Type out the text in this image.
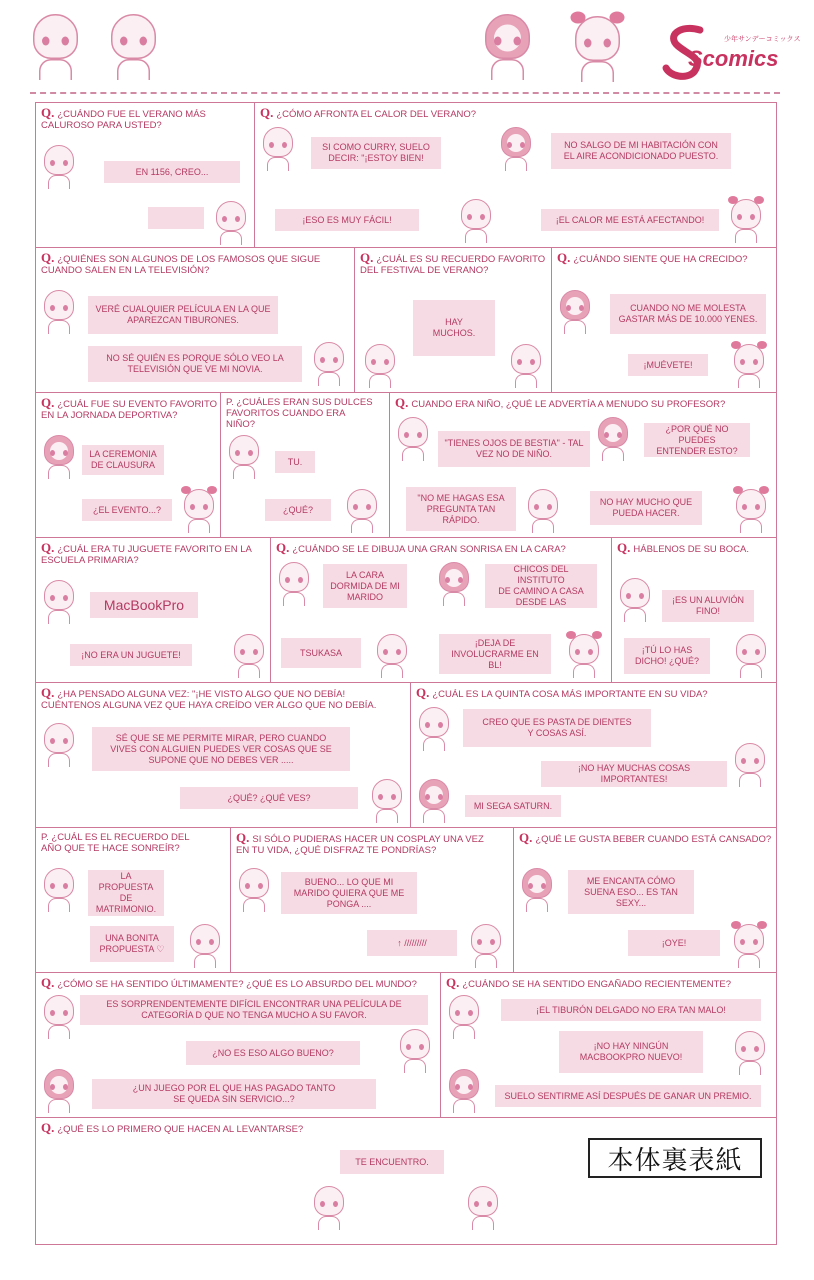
少年サンデーコミックス
Scomics
Q. ¿CUÁNDO FUE EL VERANO MÁS
CALUROSO PARA USTED?
EN 1156, CREO...
Q. ¿CÓMO AFRONTA EL CALOR DEL VERANO?
SI COMO CURRY, SUELO
DECIR: "¡ESTOY BIEN!
NO SALGO DE MI HABITACIÓN CON
EL AIRE ACONDICIONADO PUESTO.
¡ESO ES MUY FÁCIL!	¡EL CALOR ME ESTÁ AFECTANDO!
Q. ¿QUIÉNES SON ALGUNOS DE LOS FAMOSOS QUE SIGUE
CUANDO SALEN EN LA TELEVISIÓN?
VERÉ CUALQUIER PELÍCULA EN LA QUE
APAREZCAN TIBURONES.
NO SÉ QUIÉN ES PORQUE SÓLO VEO LA
TELEVISIÓN QUE VE MI NOVIA.
Q. ¿CUÁL ES SU RECUERDO FAVORITO
DEL FESTIVAL DE VERANO?
HAY
MUCHOS.
Q. ¿CUÁNDO SIENTE QUE HA CRECIDO?
CUANDO NO ME MOLESTA
GASTAR MÁS DE 10.000 YENES.
¡MUÉVETE!
Q. ¿CUÁL FUE SU EVENTO FAVORITO
EN LA JORNADA DEPORTIVA?
LA CEREMONIA
DE CLAUSURA
¿EL EVENTO...?
P. ¿CUÁLES ERAN SUS DULCES
FAVORITOS CUANDO ERA
NIÑO?
TU.
¿QUÉ?
Q. CUANDO ERA NIÑO, ¿QUÉ LE ADVERTÍA A MENUDO SU PROFESOR?
"TIENES OJOS DE BESTIA" - TAL
VEZ NO DE NIÑO.
¿POR QUÉ NO PUEDES
ENTENDER ESTO?
"NO ME HAGAS ESA
PREGUNTA TAN
RÁPIDO.
NO HAY MUCHO QUE
PUEDA HACER.
Q. ¿CUÁL ERA TU JUGUETE FAVORITO EN LA
ESCUELA PRIMARIA?
MacBookPro
¡NO ERA UN JUGUETE!
Q. ¿CUÁNDO SE LE DIBUJA UNA GRAN SONRISA EN LA CARA?
LA CARA
DORMIDA DE MI
MARIDO
CHICOS DEL INSTITUTO
DE CAMINO A CASA
DESDE LAS
TSUKASA
¡DEJA DE
INVOLUCRARME EN BL!
Q. HÁBLENOS DE SU BOCA.
¡ES UN ALUVIÓN
FINO!
¡TÚ LO HAS
DICHO! ¿QUÉ?
Q. ¿HA PENSADO ALGUNA VEZ: "¡HE VISTO ALGO QUE NO DEBÍA!
CUÉNTENOS ALGUNA VEZ QUE HAYA CREÍDO VER ALGO QUE NO DEBÍA.
SÉ QUE SE ME PERMITE MIRAR, PERO CUANDO
VIVES CON ALGUIEN PUEDES VER COSAS QUE SE
SUPONE QUE NO DEBES VER .....
¿QUÉ? ¿QUÉ VES?
Q. ¿CUÁL ES LA QUINTA COSA MÁS IMPORTANTE EN SU VIDA?
CREO QUE ES PASTA DE DIENTES
Y COSAS ASÍ.
¡NO HAY MUCHAS COSAS
IMPORTANTES!
MI SEGA SATURN.
P. ¿CUÁL ES EL RECUERDO DEL
AÑO QUE TE HACE SONREÍR?
LA
PROPUESTA DE
MATRIMONIO.
UNA BONITA
PROPUESTA ♡
Q. SI SÓLO PUDIERAS HACER UN COSPLAY UNA VEZ
EN TU VIDA, ¿QUÉ DISFRAZ TE PONDRÍAS?
BUENO... LO QUE MI
MARIDO QUIERA QUE ME
PONGA ....
↑ /////////
Q. ¿QUÉ LE GUSTA BEBER CUANDO ESTÁ CANSADO?
ME ENCANTA CÓMO
SUENA ESO... ES TAN
SEXY...
¡OYE!
Q. ¿CÓMO SE HA SENTIDO ÚLTIMAMENTE? ¿QUÉ ES LO ABSURDO DEL MUNDO?
ES SORPRENDENTEMENTE DIFÍCIL ENCONTRAR UNA PELÍCULA DE
CATEGORÍA D QUE NO TENGA MUCHO A SU FAVOR.
¿NO ES ESO ALGO BUENO?
¿UN JUEGO POR EL QUE HAS PAGADO TANTO
SE QUEDA SIN SERVICIO...?
Q. ¿CUÁNDO SE HA SENTIDO ENGAÑADO RECIENTEMENTE?
¡EL TIBURÓN DELGADO NO ERA TAN MALO!
¡NO HAY NINGÚN
MACBOOKPRO NUEVO!
SUELO SENTIRME ASÍ DESPUÉS DE GANAR UN PREMIO.
Q. ¿QUÉ ES LO PRIMERO QUE HACEN AL LEVANTARSE?
TE ENCUENTRO.	本体裏表紙
